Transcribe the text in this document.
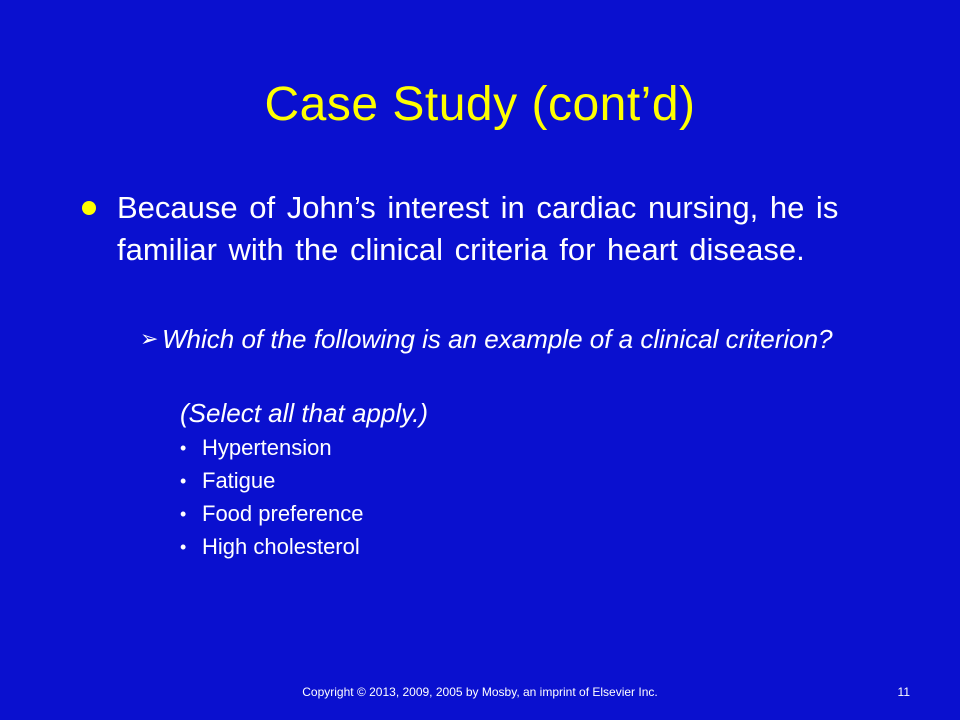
Case Study (cont’d)
Because of John’s interest in cardiac nursing, he is familiar with the clinical criteria for heart disease.
➢ Which of the following is an example of a clinical criterion?
(Select all that apply.)
• Hypertension
• Fatigue
• Food preference
• High cholesterol
Copyright © 2013, 2009, 2005 by Mosby, an imprint of Elsevier Inc.	11
